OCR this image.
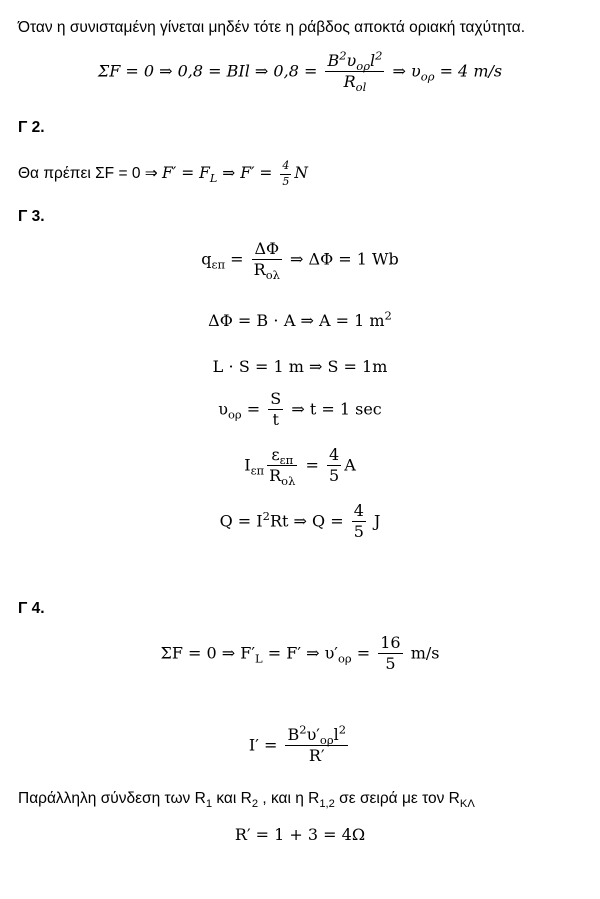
Όταν η συνισταμένη γίνεται μηδέν τότε η ράβδος αποκτά οριακή ταχύτητα.
ΣF = 0 ⇒ 0,8 = BIl ⇒ $0,8 = \frac{B^2\upsilon_{o\rho}l^2}{R_{ol}}$ ⇒ $\upsilon_{o\rho} = 4$ m/s
Γ 2.
Θα πρέπει ΣF = 0 ⇒ $F' = F_L$ ⇒ $F' = \frac{4}{5}$ N
Γ 3.
$q_{\varepsilon\pi} = \frac{\Delta\Phi}{R_{o\lambda}}$ ⇒ ΔΦ = 1 Wb
ΔΦ = B ⋅ A ⇒ A = 1 $m^2$
L ⋅ S = 1 m ⇒ S = 1m
$\upsilon_{o\rho} = \frac{S}{t}$ ⇒ t = 1 sec
$I_{\varepsilon\pi} \frac{\varepsilon_{\varepsilon\pi}}{R_{o\lambda}} = \frac{4}{5}$ A
$Q = I^2Rt$ ⇒ $Q = \frac{4}{5}$ J
Γ 4.
ΣF = 0 ⇒ $F'_L = F'$ ⇒ $\upsilon'_{o\rho} = \frac{16}{5} m/s$
$I' = \frac{B^2\upsilon'_{o\rho}l^2}{R'}$
Παράλληλη σύνδεση των $R_1$ και $R_2$ , και η $R_{1,2}$ σε σειρά με τον $R_{K\Lambda}$
R′ = 1 + 3 = 4Ω
